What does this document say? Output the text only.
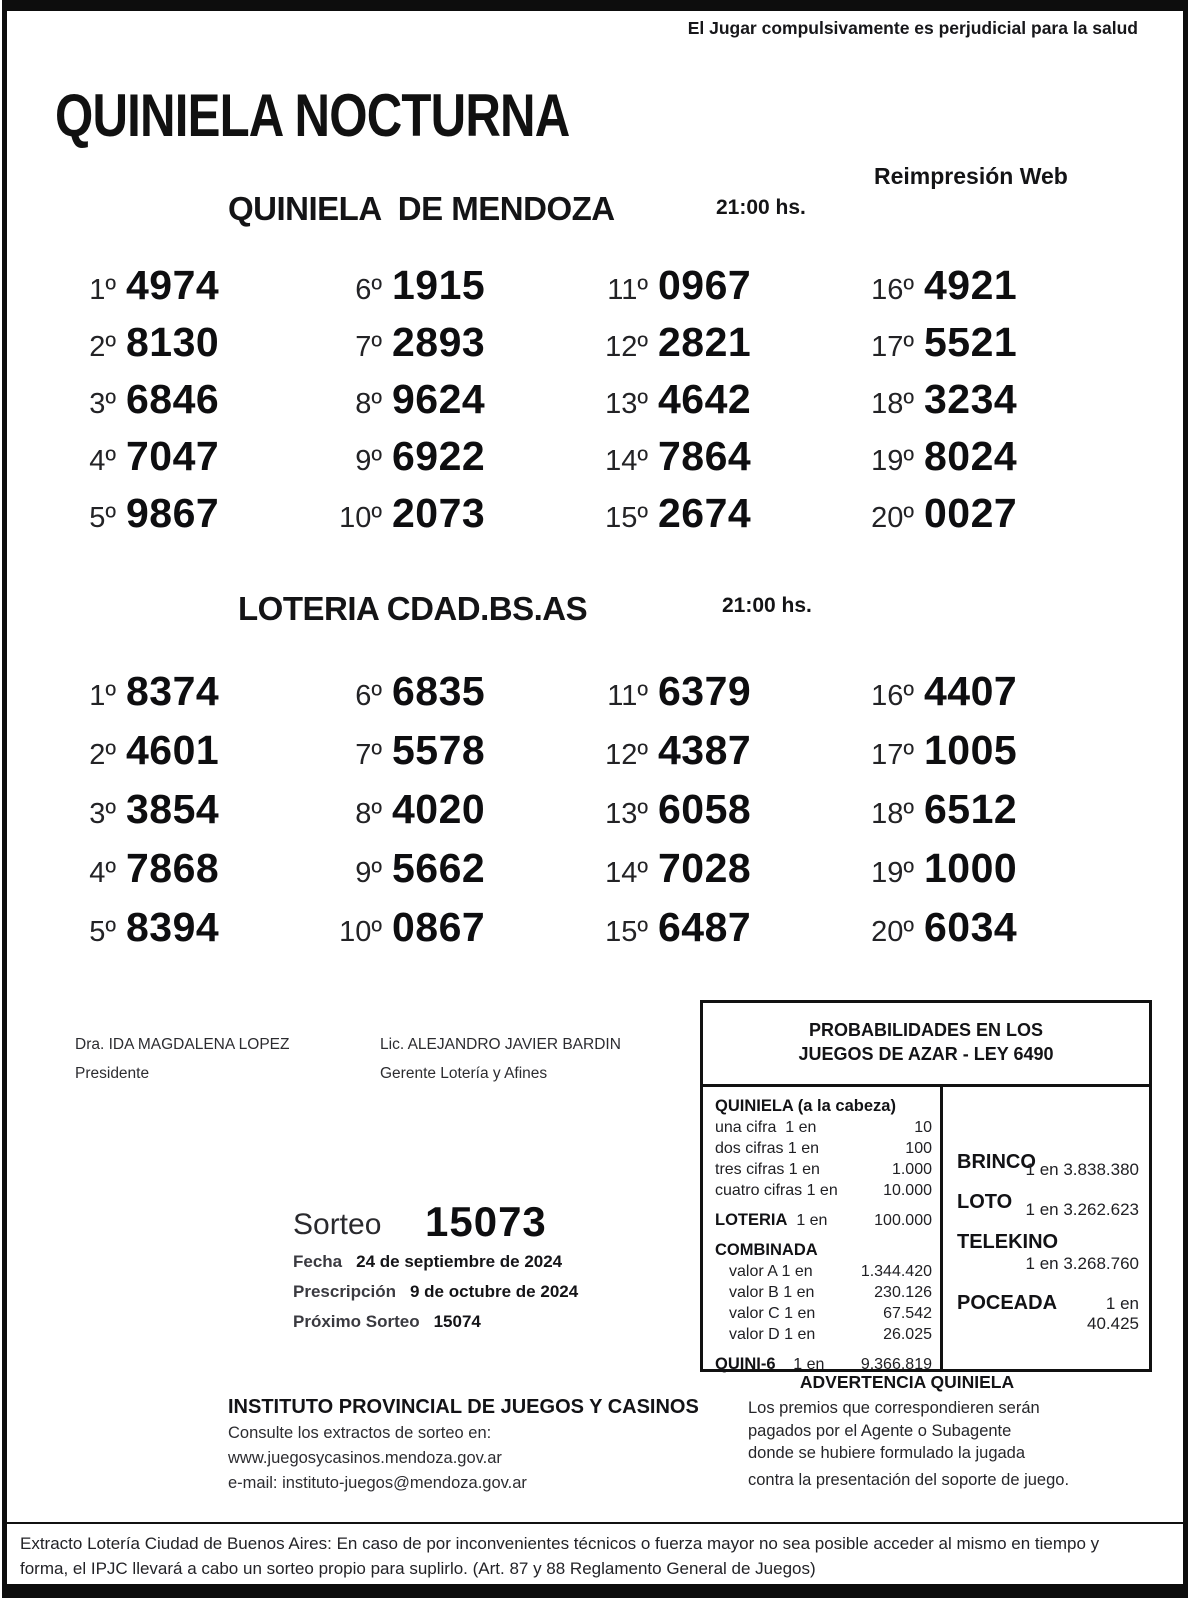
QUINIELA NOCTURNA

El Jugar compulsivamente es perjudicial para la salud
QUINIELA  DE MENDOZA	21:00 hs.
Reimpresión Web
1º 4974
2º 8130
3º 6846
4º 7047
5º 9867
6º 1915
7º 2893
8º 9624
9º 6922
10º 2073
11º 0967
12º 2821
13º 4642
14º 7864
15º 2674
16º 4921
17º 5521
18º 3234
19º 8024
20º 0027
LOTERIA CDAD.BS.AS	21:00 hs.
1º 8374
2º 4601
3º 3854
4º 7868
5º 8394
6º 6835
7º 5578
8º 4020
9º 5662
10º 0867
11º 6379
12º 4387
13º 6058
14º 7028
15º 6487
16º 4407
17º 1005
18º 6512
19º 1000
20º 6034
Dra. IDA MAGDALENA LOPEZ
Presidente
Lic. ALEJANDRO JAVIER BARDIN
Gerente Lotería y Afines
PROBABILIDADES EN LOS
JUEGOS DE AZAR - LEY 6490
QUINIELA (a la cabeza)
una cifra  1 en	10
dos cifras 1 en	100
tres cifras 1 en	1.000
cuatro cifras 1 en	10.000
LOTERIA  1 en	100.000
COMBINADA
valor A 1 en	1.344.420
valor B 1 en	230.126
valor C 1 en	67.542
valor D 1 en	26.025
QUINI-6    1 en 9.366.819
BRINCO
1 en 3.838.380
LOTO 1 en 3.262.623
TELEKINO
1 en 3.268.760
POCEADA	1 en 40.425
Sorteo 15073
Fecha 24 de septiembre de 2024
Prescripción 9 de octubre de 2024
Próximo Sorteo 15074
INSTITUTO PROVINCIAL DE JUEGOS Y CASINOS
Consulte los extractos de sorteo en:
www.juegosycasinos.mendoza.gov.ar
e-mail: instituto-juegos@mendoza.gov.ar
ADVERTENCIA QUINIELA
Los premios que correspondieren serán
pagados por el Agente o Subagente
donde se hubiere formulado la jugada
contra la presentación del soporte de juego.
Extracto Lotería Ciudad de Buenos Aires: En caso de por inconvenientes técnicos o fuerza mayor no sea posible acceder al mismo en tiempo y
forma, el IPJC llevará a cabo un sorteo propio para suplirlo. (Art. 87 y 88 Reglamento General de Juegos)
